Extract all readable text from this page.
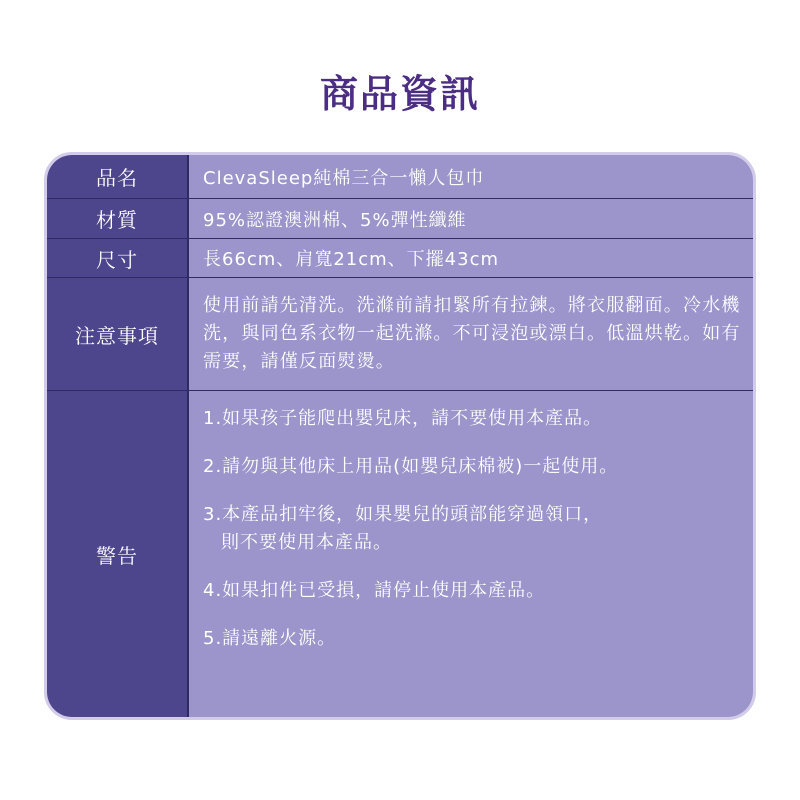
商品資訊
品名
材質
尺寸
注意事項
警告
ClevaSleep純棉三合一懶人包巾
95%認證澳洲棉、5%彈性纖維
長66cm、肩寬21cm、下擺43cm
使用前請先清洗。洗滌前請扣緊所有拉鍊。將衣服翻面。冷水機洗，與同色系衣物一起洗滌。不可浸泡或漂白。低溫烘乾。如有需要，請僅反面熨燙。
1.如果孩子能爬出嬰兒床，請不要使用本產品。
2.請勿與其他床上用品(如嬰兒床棉被)一起使用。
3.本產品扣牢後，如果嬰兒的頭部能穿過領口，
則不要使用本產品。
4.如果扣件已受損，請停止使用本產品。
5.請遠離火源。
